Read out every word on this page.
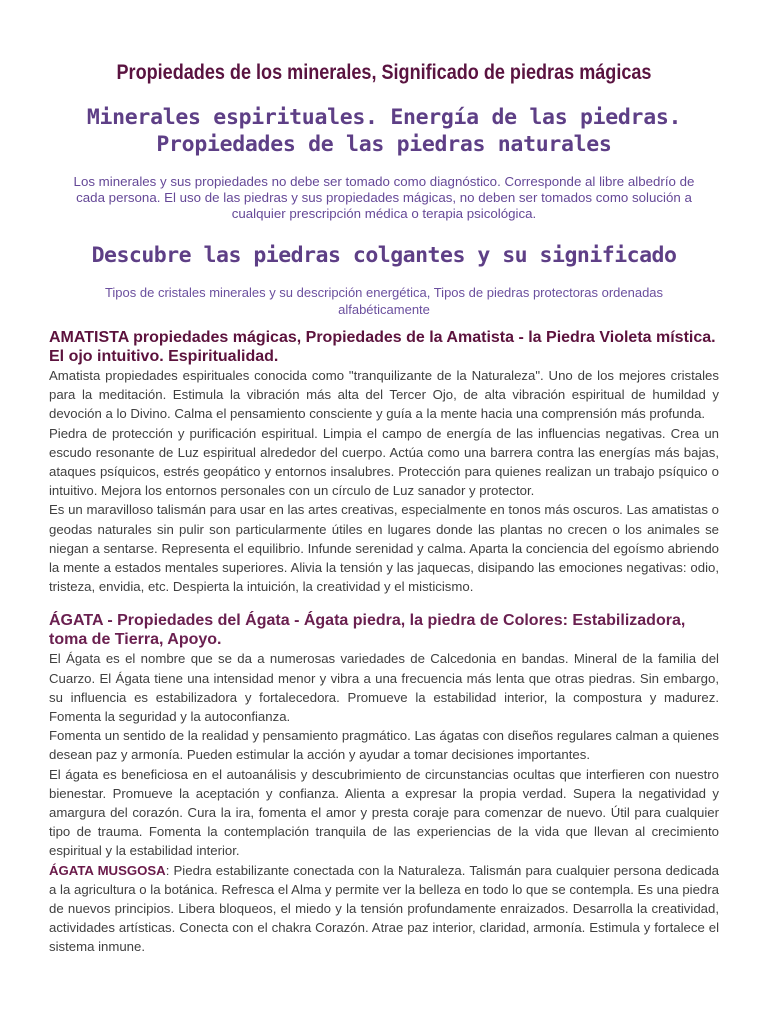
Propiedades de los minerales, Significado de piedras mágicas
Minerales espirituales. Energía de las piedras. Propiedades de las piedras naturales

Los minerales y sus propiedades no debe ser tomado como diagnóstico. Corresponde al libre albedrío de cada persona. El uso de las piedras y sus propiedades mágicas, no deben ser tomados como solución a cualquier prescripción médica o terapia psicológica.

Descubre las piedras colgantes y su significado

Tipos de cristales minerales y su descripción energética, Tipos de piedras protectoras ordenadas alfabéticamente

AMATISTA propiedades mágicas, Propiedades de la Amatista - la Piedra Violeta mística. El ojo intuitivo. Espiritualidad.

Amatista propiedades espirituales conocida como "tranquilizante de la Naturaleza". Uno de los mejores cristales para la meditación. Estimula la vibración más alta del Tercer Ojo, de alta vibración espiritual de humildad y devoción a lo Divino. Calma el pensamiento consciente y guía a la mente hacia una comprensión más profunda.

Piedra de protección y purificación espiritual. Limpia el campo de energía de las influencias negativas. Crea un escudo resonante de Luz espiritual alrededor del cuerpo. Actúa como una barrera contra las energías más bajas, ataques psíquicos, estrés geopático y entornos insalubres. Protección para quienes realizan un trabajo psíquico o intuitivo. Mejora los entornos personales con un círculo de Luz sanador y protector.

Es un maravilloso talismán para usar en las artes creativas, especialmente en tonos más oscuros. Las amatistas o geodas naturales sin pulir son particularmente útiles en lugares donde las plantas no crecen o los animales se niegan a sentarse. Representa el equilibrio. Infunde serenidad y calma. Aparta la conciencia del egoísmo abriendo la mente a estados mentales superiores. Alivia la tensión y las jaquecas, disipando las emociones negativas: odio, tristeza, envidia, etc. Despierta la intuición, la creatividad y el misticismo.

ÁGATA - Propiedades del Ágata - Ágata piedra, la piedra de Colores: Estabilizadora, toma de Tierra, Apoyo.

El Ágata es el nombre que se da a numerosas variedades de Calcedonia en bandas. Mineral de la familia del Cuarzo. El Ágata tiene una intensidad menor y vibra a una frecuencia más lenta que otras piedras. Sin embargo, su influencia es estabilizadora y fortalecedora. Promueve la estabilidad interior, la compostura y madurez. Fomenta la seguridad y la autoconfianza.

Fomenta un sentido de la realidad y pensamiento pragmático. Las ágatas con diseños regulares calman a quienes desean paz y armonía. Pueden estimular la acción y ayudar a tomar decisiones importantes.

El ágata es beneficiosa en el autoanálisis y descubrimiento de circunstancias ocultas que interfieren con nuestro bienestar. Promueve la aceptación y confianza. Alienta a expresar la propia verdad. Supera la negatividad y amargura del corazón. Cura la ira, fomenta el amor y presta coraje para comenzar de nuevo. Útil para cualquier tipo de trauma. Fomenta la contemplación tranquila de las experiencias de la vida que llevan al crecimiento espiritual y la estabilidad interior.

ÁGATA MUSGOSA: Piedra estabilizante conectada con la Naturaleza. Talismán para cualquier persona dedicada a la agricultura o la botánica. Refresca el Alma y permite ver la belleza en todo lo que se contempla. Es una piedra de nuevos principios. Libera bloqueos, el miedo y la tensión profundamente enraizados. Desarrolla la creatividad, actividades artísticas. Conecta con el chakra Corazón. Atrae paz interior, claridad, armonía. Estimula y fortalece el sistema inmune.
